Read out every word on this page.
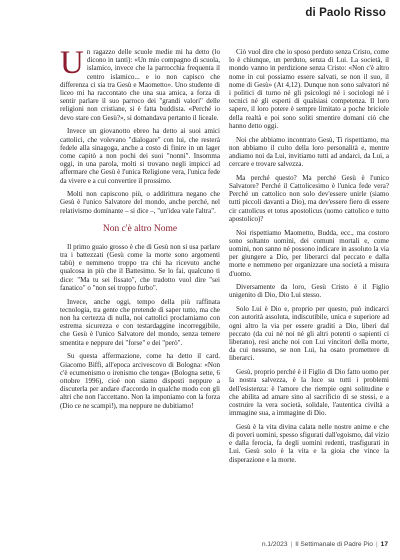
di Paolo Risso

Un ragazzo delle scuole medie mi ha detto (lo dicono in tanti): «Un mio compagno di scuola, islamico, invece che la parrocchia frequenta il centro islamico... e io non capisco che differenza ci sia tra Gesù e Maometto». Uno studente di liceo mi ha raccontato che una sua amica, a forza di sentir parlare il suo parroco dei "grandi valori" delle religioni non cristiane, si è fatta buddista. «Perché io devo stare con Gesù?», si domandava pertanto il liceale.

Invece un giovanotto ebreo ha detto ai suoi amici cattolici, che volevano "dialogare" con lui, che resterà fedele alla sinagoga, anche a costo di finire in un lager come capitò a non pochi dei suoi "nonni". Insomma oggi, in una parola, molti si trovano negli impicci ad affermare che Gesù è l'unica Religione vera, l'unica fede da vivere e a cui convertire il prossimo.

Molti non capiscono più, o addirittura negano che Gesù è l'unico Salvatore del mondo, anche perché, nel relativismo dominante – si dice –, "un'idea vale l'altra".

Non c'è altro Nome

Il primo guaio grosso è che di Gesù non si usa parlare tra i battezzati (Gesù come la morte sono argomenti tabù) e nemmeno troppo tra chi ha ricevuto anche qualcosa in più che il Battesimo. Se lo fai, qualcuno ti dice: "Ma tu sei fissato", che tradotto vuol dire "sei fanatico" o "non sei troppo furbo".

Invece, anche oggi, tempo della più raffinata tecnologia, tra gente che pretende di saper tutto, ma che non ha certezza di nulla, noi cattolici proclamiamo con estrema sicurezza e con testardaggine incorreggibile, che Gesù è l'unico Salvatore del mondo, senza temere smentita e neppure dei "forse" e dei "però".

Su questa affermazione, come ha detto il card. Giacomo Biffi, all'epoca arcivescovo di Bologna: «Non c'è ecumenismo o irenismo che tenga» (Bologna sette, 6 ottobre 1996), cioè non siamo disposti neppure a discuterla per andare d'accordo in qualche modo con gli altri che non l'accettano. Non la imponiamo con la forza (Dio ce ne scampi!), ma neppure ne dubitiamo!

Ciò vuol dire che io sposo perduto senza Cristo, come lo è chiunque, un perduto, senza di Lui. La società, il mondo vanno in perdizione senza Cristo: «Non c'è altro nome in cui possiamo essere salvati, se non il suo, il nome di Gesù» (At 4,12). Dunque non sono salvatori né i politici di turno né gli psicologi né i sociologi né i tecnici né gli esperti di qualsiasi competenza. Il loro sapere, il loro potere è sempre limitato a poche briciole della realtà e poi sono soliti smentire domani ciò che hanno detto oggi.

Noi che abbiamo incontrato Gesù, Ti rispettiamo, ma non abbiamo il culto della loro personalità e, mentre andiamo noi da Lui, invitiamo tutti ad andarci, da Lui, a cercare e trovare salvezza.

Ma perché questo? Ma perché Gesù è l'unico Salvatore? Perché il Cattolicesimo è l'unica fede vera? Perché un cattolico non solo dev'essere unirle (siamo tutti piccoli davanti a Dio), ma dev'essere fiero di essere cir cattolicus et totus apostolicus (uomo cattolico e tutto apostolico)?

Noi rispettiamo Maometto, Budda, ecc., ma costoro sono soltanto uomini, dei comuni mortali e, come uomini, non sanno né possono indicare in assoluto la via per giungere a Dio, per liberarci dal peccato e dalla morte e nemmeno per organizzare una società a misura d'uomo.

Diversamente da loro, Gesù Cristo è il Figlio unigenito di Dio, Dio Lui stesso.

Solo Lui è Dio e, proprio per questo, può indicarci con autorità assoluta, indiscutibile, unica e superiore ad ogni altro la via per essere graditi a Dio, liberi dal peccato (da cui né noi né gli altri potenti o sapienti ci liberano), resi anche noi con Lui vincitori della morte, da cui nessuno, se non Lui, ha osato promettere di liberarci.

Gesù, proprio perché è il Figlio di Dio fatto uomo per la nostra salvezza, è la luce su tutti i problemi dell'esistenza: è l'amore che riempie ogni solitudine e che abilita ad amare sino al sacrificio di se stessi, e a costruire la vera società, solidale, l'autentica civiltà a immagine sua, a immagine di Dio.

Gesù è la vita divina calata nelle nostre anime e che di poveri uomini, spesso sfigurati dall'egoismo, dal vizio e dalla ferocia, fa degli uomini redenti, trasfigurati in Lui. Gesù solo è la vita e la gioia che vince la disperazione e la morte.

n.1/2023 | Il Settimanale di Padre Pio | 17
